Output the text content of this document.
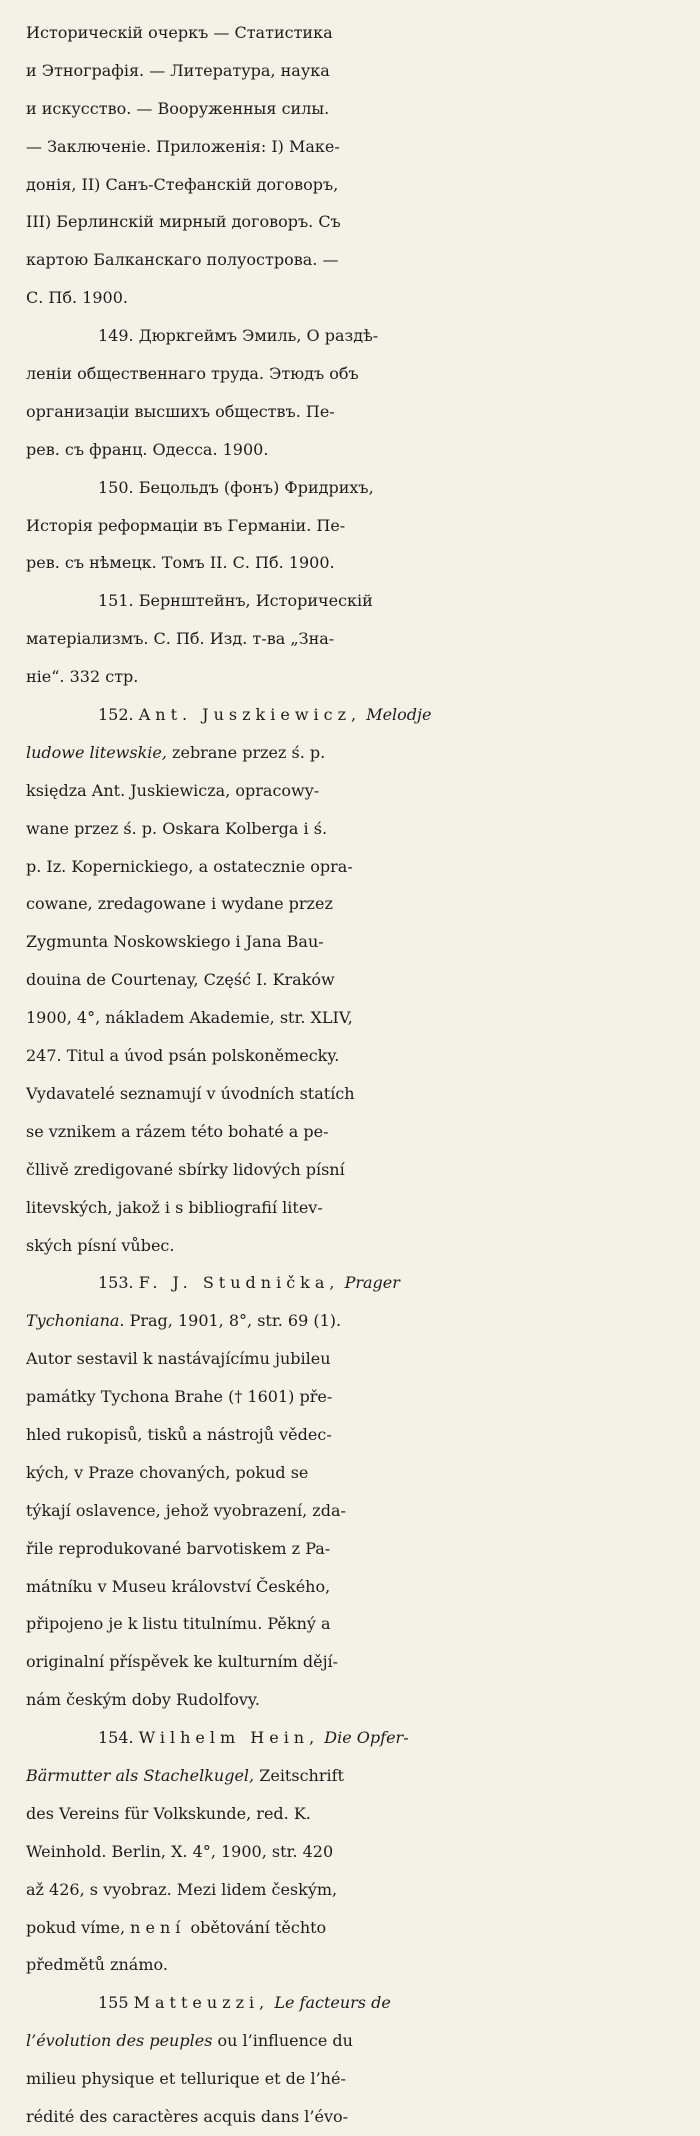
Историческій очеркъ — Статистика
и Этнографія. — Литература, наука
и искусство. — Вооруженныя силы.
— Заключеніе. Приложенія: I) Маке-
донія, II) Санъ-Стефанскій договоръ,
III) Берлинскій мирный договоръ. Съ
картою Балканскаго полуострова. —
С. Пб. 1900.
149. Дюркгеймъ Эмиль, О раздѣ-
леніи общественнаго труда. Этюдъ объ
организаціи высшихъ обществъ. Пе-
рев. съ франц. Одесса. 1900.
150. Бецольдъ (фонъ) Фридрихъ,
Исторія реформаціи въ Германіи. Пе-
рев. съ нѣмецк. Томъ II. С. Пб. 1900.
151. Бернштейнъ, Историческій
матеріализмъ. С. Пб. Изд. т-ва „Зна-
ніе“. 332 стр.
152. Ant. Juszkiewicz, Melodje
ludowe litewskie, zebrane przez ś. p.
księdza Ant. Juskiewicza, opracowy-
wane przez ś. p. Oskara Kolberga i ś.
p. Iz. Kopernickiego, a ostatecznie opra-
cowane, zredagowane i wydane przez
Zygmunta Noskowskiego i Jana Bau-
douina de Courtenay, Część I. Kraków
1900, 4°, nákladem Akademie, str. XLIV,
247. Titul a úvod psán polskoněmecky.
Vydavatelé seznamují v úvodních statích
se vznikem a rázem této bohaté a pe-
čllivě zredigované sbírky lidových písní
litevských, jakož i s bibliografií litev-
ských písní vůbec.
153. F. J. Studnička, Prager
Tychoniana. Prag, 1901, 8°, str. 69 (1).
Autor sestavil k nastávajícímu jubileu
památky Tychona Brahe († 1601) pře-
hled rukopisů, tisků a nástrojů vědec-
kých, v Praze chovaných, pokud se
týkají oslavence, jehož vyobrazení, zda-
řile reprodukované barvotiskem z Pa-
mátníku v Museu království Českého,
připojeno je k listu titulnímu. Pěkný a
originalní příspěvek ke kulturním dějí-
nám českým doby Rudolfovy.
154. Wilhelm Hein, Die Opfer-
Bärmutter als Stachelkugel, Zeitschrift
des Vereins für Volkskunde, red. K.
Weinhold. Berlin, X. 4°, 1900, str. 420
až 426, s vyobraz. Mezi lidem českým,
pokud víme, není obětování těchto
předmětů známo.
155 Matteuzzi, Le facteurs de
l’évolution des peuples ou l’influence du
milieu physique et tellurique et de l’hé-
rédité des caractères acquis dans l’évo-
